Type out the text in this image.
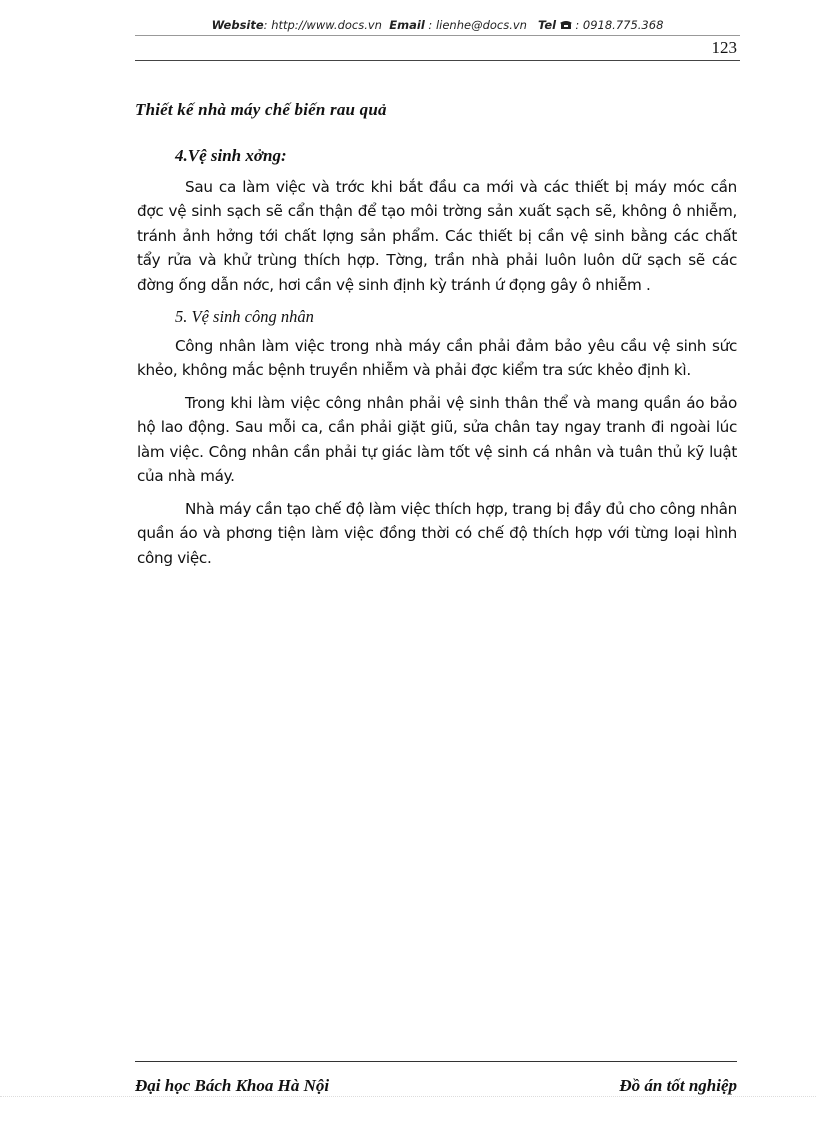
Website: http://www.docs.vn Email : lienhe@docs.vn Tel : 0918.775.368
123
Thiết kế nhà máy chế biến rau quả
4.Vệ sinh xởng:

Sau ca làm việc và trớc khi bắt đầu ca mới và các thiết bị máy móc cần đợc vệ sinh sạch sẽ cẩn thận để tạo môi trờng sản xuất sạch sẽ, không ô nhiễm, tránh ảnh hởng tới chất lợng sản phẩm. Các thiết bị cần vệ sinh bằng các chất tẩy rửa và khử trùng thích hợp. Tờng, trần nhà phải luôn luôn dữ sạch sẽ các đờng ống dẫn nớc, hơi cần vệ sinh định kỳ tránh ứ đọng gây ô nhiễm .

5. Vệ sinh công nhân

Công nhân làm việc trong nhà máy cần phải đảm bảo yêu cầu vệ sinh sức khẻo, không mắc bệnh truyền nhiễm và phải đợc kiểm tra sức khẻo định kì.

Trong khi làm việc công nhân phải vệ sinh thân thể và mang quần áo bảo hộ lao động. Sau mỗi ca, cần phải giặt giũ, sửa chân tay ngay tranh đi ngoài lúc làm việc. Công nhân cần phải tự giác làm tốt vệ sinh cá nhân và tuân thủ kỹ luật của nhà máy.

Nhà máy cần tạo chế độ làm việc thích hợp, trang bị đầy đủ cho công nhân quần áo và phơng tiện làm việc đồng thời có chế độ thích hợp với từng loại hình công việc.

Đại học Bách Khoa Hà Nội	Đồ án tốt nghiệp
